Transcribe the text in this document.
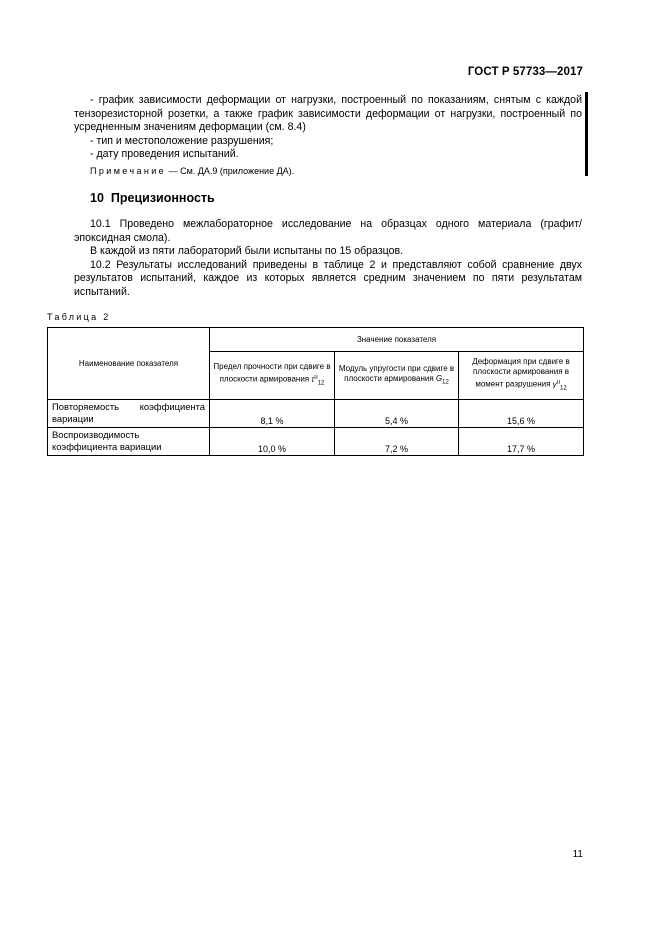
ГОСТ Р 57733—2017

- график зависимости деформации от нагрузки, построенный по показаниям, снятым с каждой тензорезисторной розетки, а также график зависимости деформации от нагрузки, построенный по усредненным значениям деформации (см. 8.4)

- тип и местоположение разрушения;

- дату проведения испытаний.

Примечание — См. ДА.9 (приложение ДА).
10 Прецизионность

10.1 Проведено межлабораторное исследование на образцах одного материала (графит/эпоксидная смола).

В каждой из пяти лабораторий были испытаны по 15 образцов.

10.2 Результаты исследований приведены в таблице 2 и представляют собой сравнение двух результатов испытаний, каждое из которых является средним значением по пяти результатам испытаний.

Таблица 2
Наименование показателя	Значение показателя		
	Предел прочности при сдвиге в плоскости армирования $\tau^u_{12}$	Модуль упругости при сдвиге в плоскости армирования $G_{12}$	Деформация при сдвиге в плоскости армирования в момент разрушения $\gamma^u_{12}$
Повторяемость коэффициента вариации	8,1 %	5,4 %	15,6 %
Воспроизводимость коэффициента вариации	10,0 %	7,2 %	17,7 %
11
